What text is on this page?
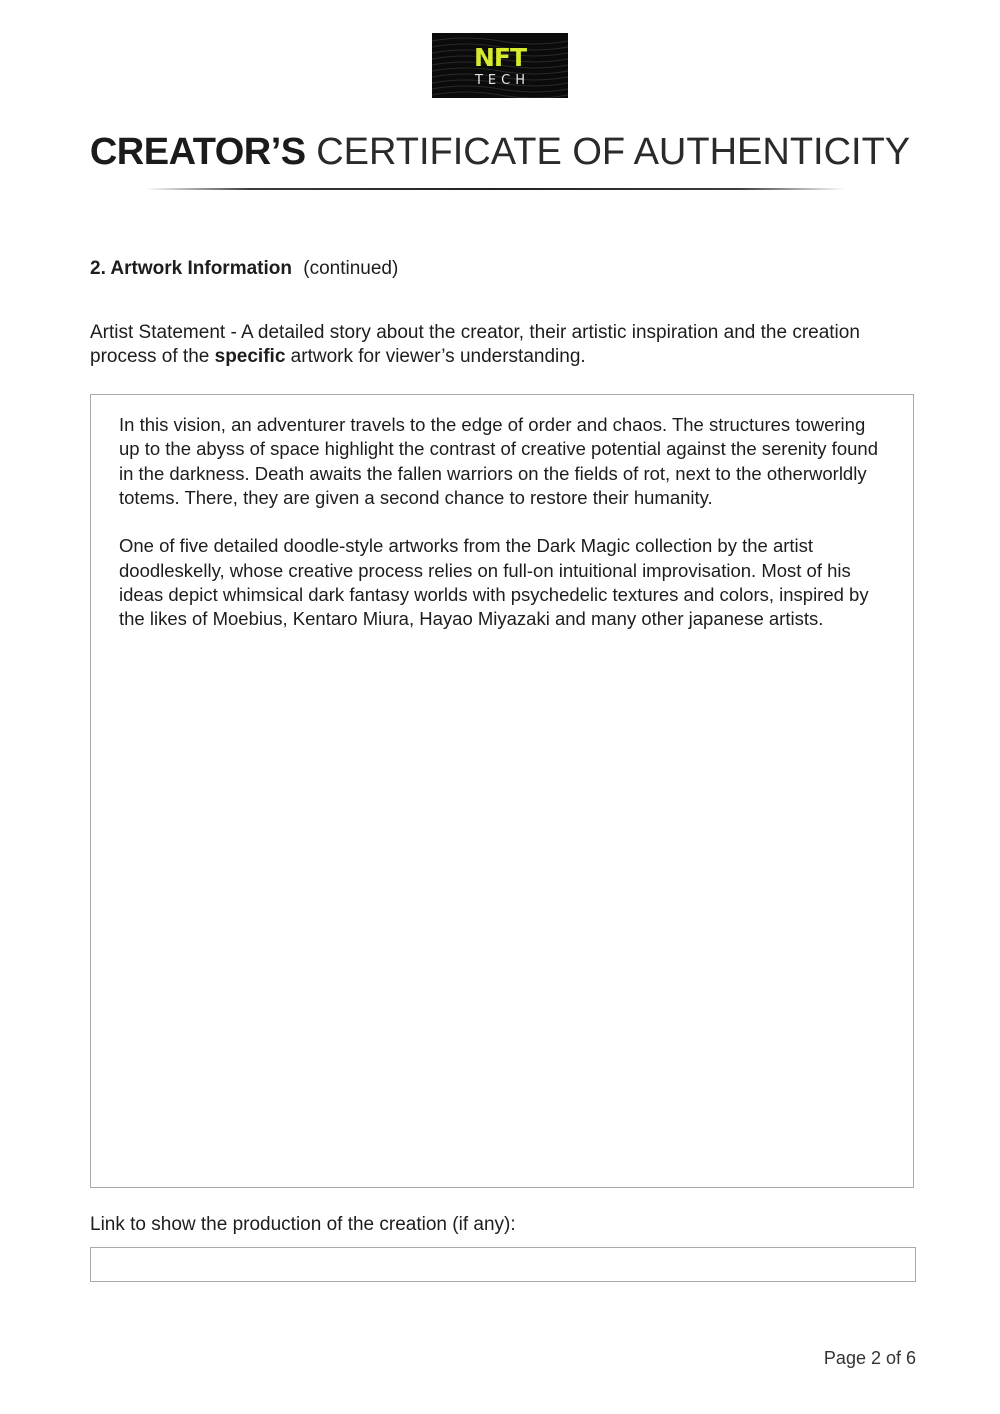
NFT
TECH
CREATOR’S CERTIFICATE OF AUTHENTICITY
2. Artwork Information (continued)
Artist Statement - A detailed story about the creator, their artistic inspiration and the creation process of the specific artwork for viewer’s understanding.

In this vision, an adventurer travels to the edge of order and chaos. The structures towering up to the abyss of space highlight the contrast of creative potential against the serenity found in the darkness. Death awaits the fallen warriors on the fields of rot, next to the otherworldly totems. There, they are given a second chance to restore their humanity.

One of five detailed doodle-style artworks from the Dark Magic collection by the artist doodleskelly, whose creative process relies on full-on intuitional improvisation. Most of his ideas depict whimsical dark fantasy worlds with psychedelic textures and colors, inspired by the likes of Moebius, Kentaro Miura, Hayao Miyazaki and many other japanese artists.

Link to show the production of the creation (if any):
Page 2 of 6
